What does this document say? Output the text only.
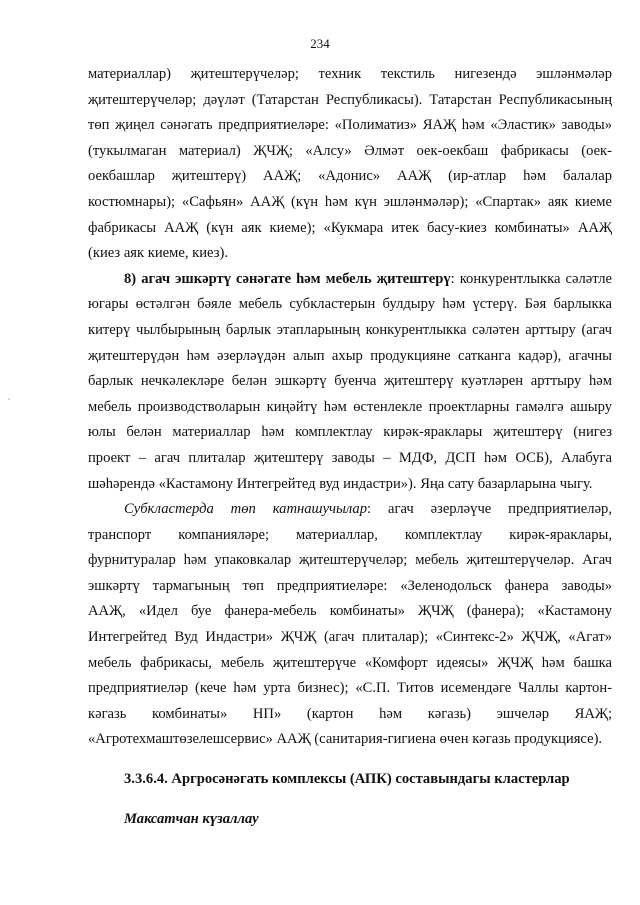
234

материаллар) җитештерүчеләр; техник текстиль нигезендә эшләнмәләр
җитештерүчеләр; дәүләт (Татарстан Республикасы). Татарстан Республикасының
төп җиңел сәнәгать предприятиеләре: «Полиматиз» ЯАҖ һәм «Эластик» заводы»
(тукылмаган материал) ҖЧҖ; «Алсу» Әлмәт оек-оекбаш фабрикасы (оек-
оекбашлар җитештерү) ААҖ; «Адонис» ААҖ (ир-атлар һәм балалар
костюмнары); «Сафьян» ААҖ (күн һәм күн эшләнмәләр); «Спартак» аяк киеме
фабрикасы ААҖ (күн аяк киеме); «Кукмара итек басу-киез комбинаты» ААҖ
(киез аяк киеме, киез).

8) агач эшкәртү сәнәгате һәм мебель җитештерү: конкурентлыкка сәләтле
югары өстәлгән бәяле мебель субкластерын булдыру һәм үстерү. Бәя барлыкка
китерү чылбырының барлык этапларының конкурентлыкка сәләтен арттыру (агач
җитештерүдән һәм әзерләүдән алып ахыр продукцияне сатканга кадәр), агачны
барлык нечкәлекләре белән эшкәртү буенча җитештерү куәтләрен арттыру һәм
мебель производстволарын киңәйтү һәм өстенлекле проектларны гамәлгә ашыру
юлы белән материаллар һәм комплектлау кирәк-яраклары җитештерү (нигез
проект – агач плиталар җитештерү заводы – МДФ, ДСП һәм ОСБ), Алабуга
шәһәрендә «Кастамону Интегрейтед вуд индастри»). Яңа сату базарларына чыгу.

Субкластерда төп катнашучылар: агач әзерләүче предприятиеләр,
транспорт компанияләре; материаллар, комплектлау кирәк-яраклары,
фурнитуралар һәм упаковкалар җитештерүчеләр; мебель җитештерүчеләр. Агач
эшкәртү тармагының төп предприятиеләре: «Зеленодольск фанера заводы»
ААҖ, «Идел буе фанера-мебель комбинаты» ҖЧҖ (фанера); «Кастамону
Интегрейтед Вуд Индастри» ҖЧҖ (агач плиталар); «Синтекс-2» ҖЧҖ, «Агат»
мебель фабрикасы, мебель җитештерүче «Комфорт идеясы» ҖЧҖ һәм башка
предприятиеләр (кече һәм урта бизнес); «С.П. Титов исемендәге Чаллы картон-
кәгазь комбинаты» НП» (картон һәм кәгазь) эшчеләр ЯАҖ;
«Агротехмаштөзелешсервис» ААҖ (санитария-гигиена өчен кәгазь продукциясе).

3.3.6.4. Аргросәнәгать комплексы (АПК) составындагы кластерлар

Максатчан күзаллау
